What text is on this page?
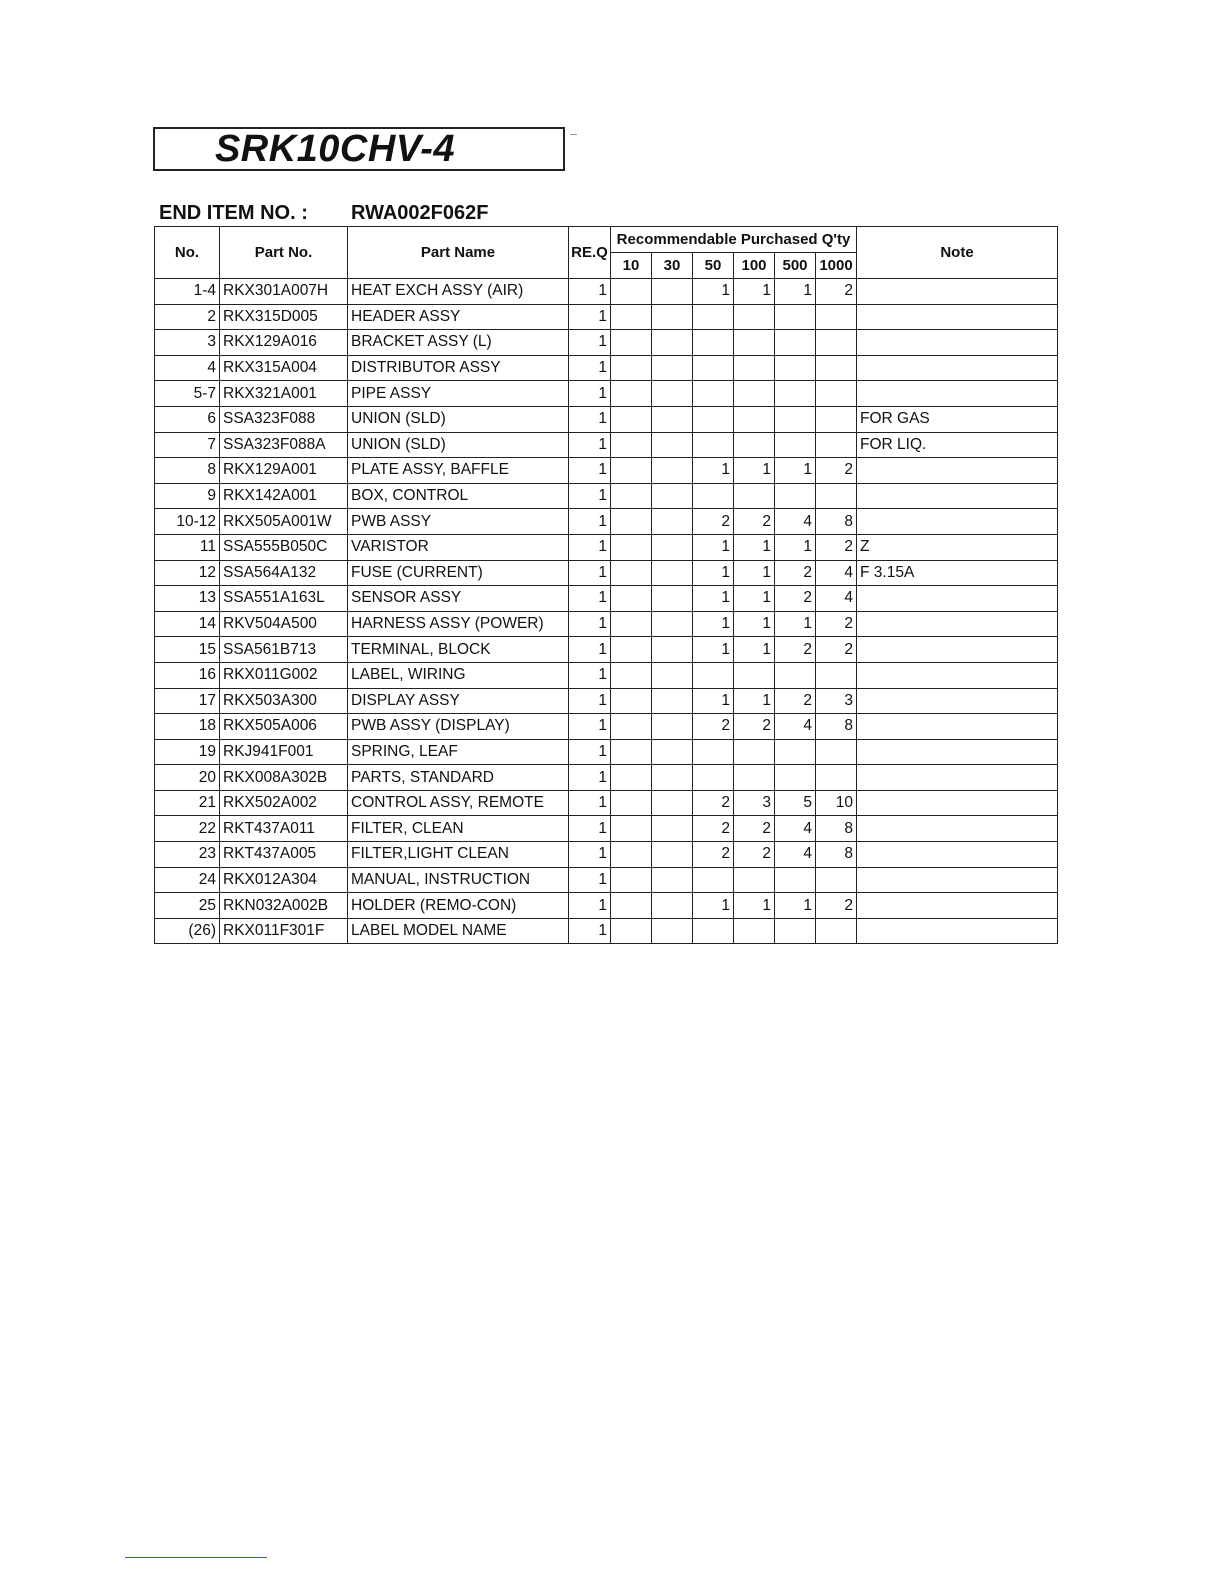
SRK10CHV-4
END ITEM NO. : RWA002F062F
No.	Part No.	Part Name	RE.Q	Recommendable Purchased Q'ty						Note
				10	30	50	100	500	1000	
1-4	RKX301A007H	HEAT EXCH ASSY (AIR)	1			1	1	1	2	
2	RKX315D005	HEADER ASSY	1							
3	RKX129A016	BRACKET ASSY (L)	1							
4	RKX315A004	DISTRIBUTOR ASSY	1							
5-7	RKX321A001	PIPE ASSY	1							
6	SSA323F088	UNION (SLD)	1							FOR GAS
7	SSA323F088A	UNION (SLD)	1							FOR LIQ.
8	RKX129A001	PLATE ASSY, BAFFLE	1			1	1	1	2	
9	RKX142A001	BOX, CONTROL	1							
10-12	RKX505A001W	PWB ASSY	1			2	2	4	8	
11	SSA555B050C	VARISTOR	1			1	1	1	2	Z
12	SSA564A132	FUSE (CURRENT)	1			1	1	2	4	F 3.15A
13	SSA551A163L	SENSOR ASSY	1			1	1	2	4	
14	RKV504A500	HARNESS ASSY (POWER)	1			1	1	1	2	
15	SSA561B713	TERMINAL, BLOCK	1			1	1	2	2	
16	RKX011G002	LABEL, WIRING	1							
17	RKX503A300	DISPLAY ASSY	1			1	1	2	3	
18	RKX505A006	PWB ASSY (DISPLAY)	1			2	2	4	8	
19	RKJ941F001	SPRING, LEAF	1							
20	RKX008A302B	PARTS, STANDARD	1							
21	RKX502A002	CONTROL ASSY, REMOTE	1			2	3	5	10	
22	RKT437A011	FILTER, CLEAN	1			2	2	4	8	
23	RKT437A005	FILTER,LIGHT CLEAN	1			2	2	4	8	
24	RKX012A304	MANUAL, INSTRUCTION	1							
25	RKN032A002B	HOLDER (REMO-CON)	1			1	1	1	2	
(26)	RKX011F301F	LABEL MODEL NAME	1							
